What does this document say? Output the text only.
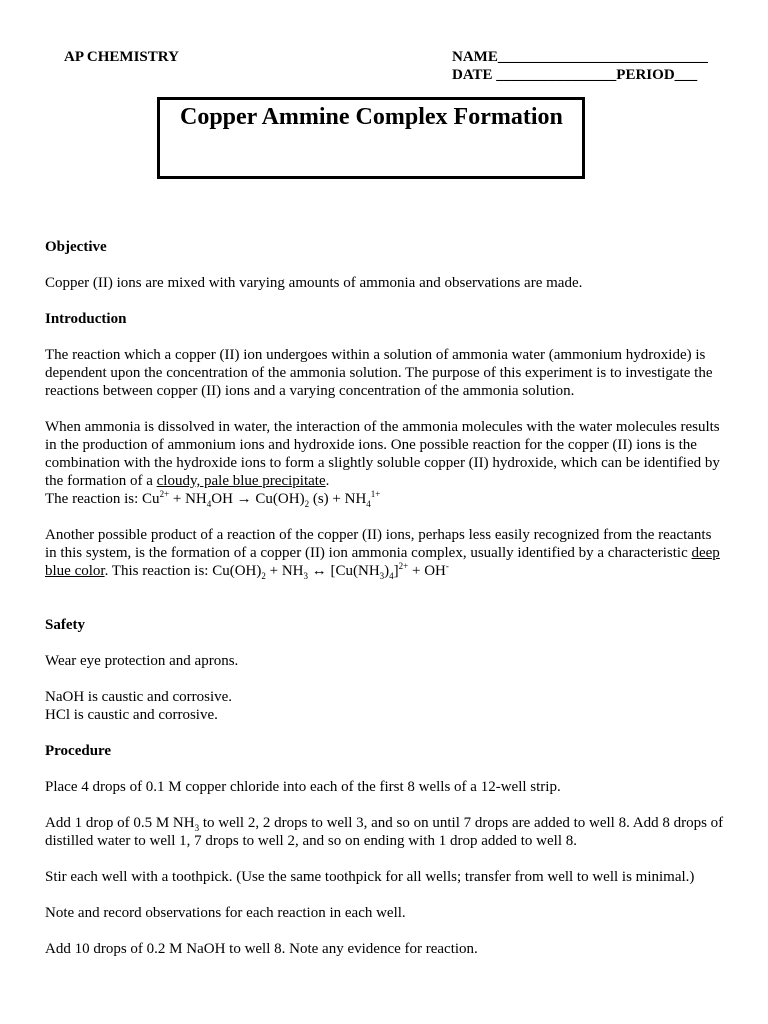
AP CHEMISTRY	NAME____________________________
DATE ________________PERIOD___
Copper Ammine Complex Formation

Objective

Copper (II) ions are mixed with varying amounts of ammonia and observations are made.

Introduction

The reaction which a copper (II) ion undergoes within a solution of ammonia water (ammonium hydroxide) is dependent upon the concentration of the ammonia solution. The purpose of this experiment is to investigate the reactions between copper (II) ions and a varying concentration of the ammonia solution.

When ammonia is dissolved in water, the interaction of the ammonia molecules with the water molecules results in the production of ammonium ions and hydroxide ions. One possible reaction for the copper (II) ions is the combination with the hydroxide ions to form a slightly soluble copper (II) hydroxide, which can be identified by the formation of a cloudy, pale blue precipitate.

The reaction is: $Cu^{2+} + NH_4OH \to Cu(OH)_2$ $(s) + NH_4^{1+}$

Another possible product of a reaction of the copper (II) ions, perhaps less easily recognized from the reactants in this system, is the formation of a copper (II) ion ammonia complex, usually identified by a characteristic deep blue color. This reaction is: $Cu(OH)_2 + NH_3$ ↔ $[Cu(NH_3)_4]^{2+} + OH^-$

Safety

Wear eye protection and aprons.

NaOH is caustic and corrosive.

HCl is caustic and corrosive.

Procedure

Place 4 drops of 0.1 M copper chloride into each of the first 8 wells of a 12-well strip.

Add 1 drop of 0.5 M $NH_3$ to well 2, 2 drops to well 3, and so on until 7 drops are added to well 8. Add 8 drops of distilled water to well 1, 7 drops to well 2, and so on ending with 1 drop added to well 8.

Stir each well with a toothpick. (Use the same toothpick for all wells; transfer from well to well is minimal.)

Note and record observations for each reaction in each well.

Add 10 drops of 0.2 M NaOH to well 8. Note any evidence for reaction.
